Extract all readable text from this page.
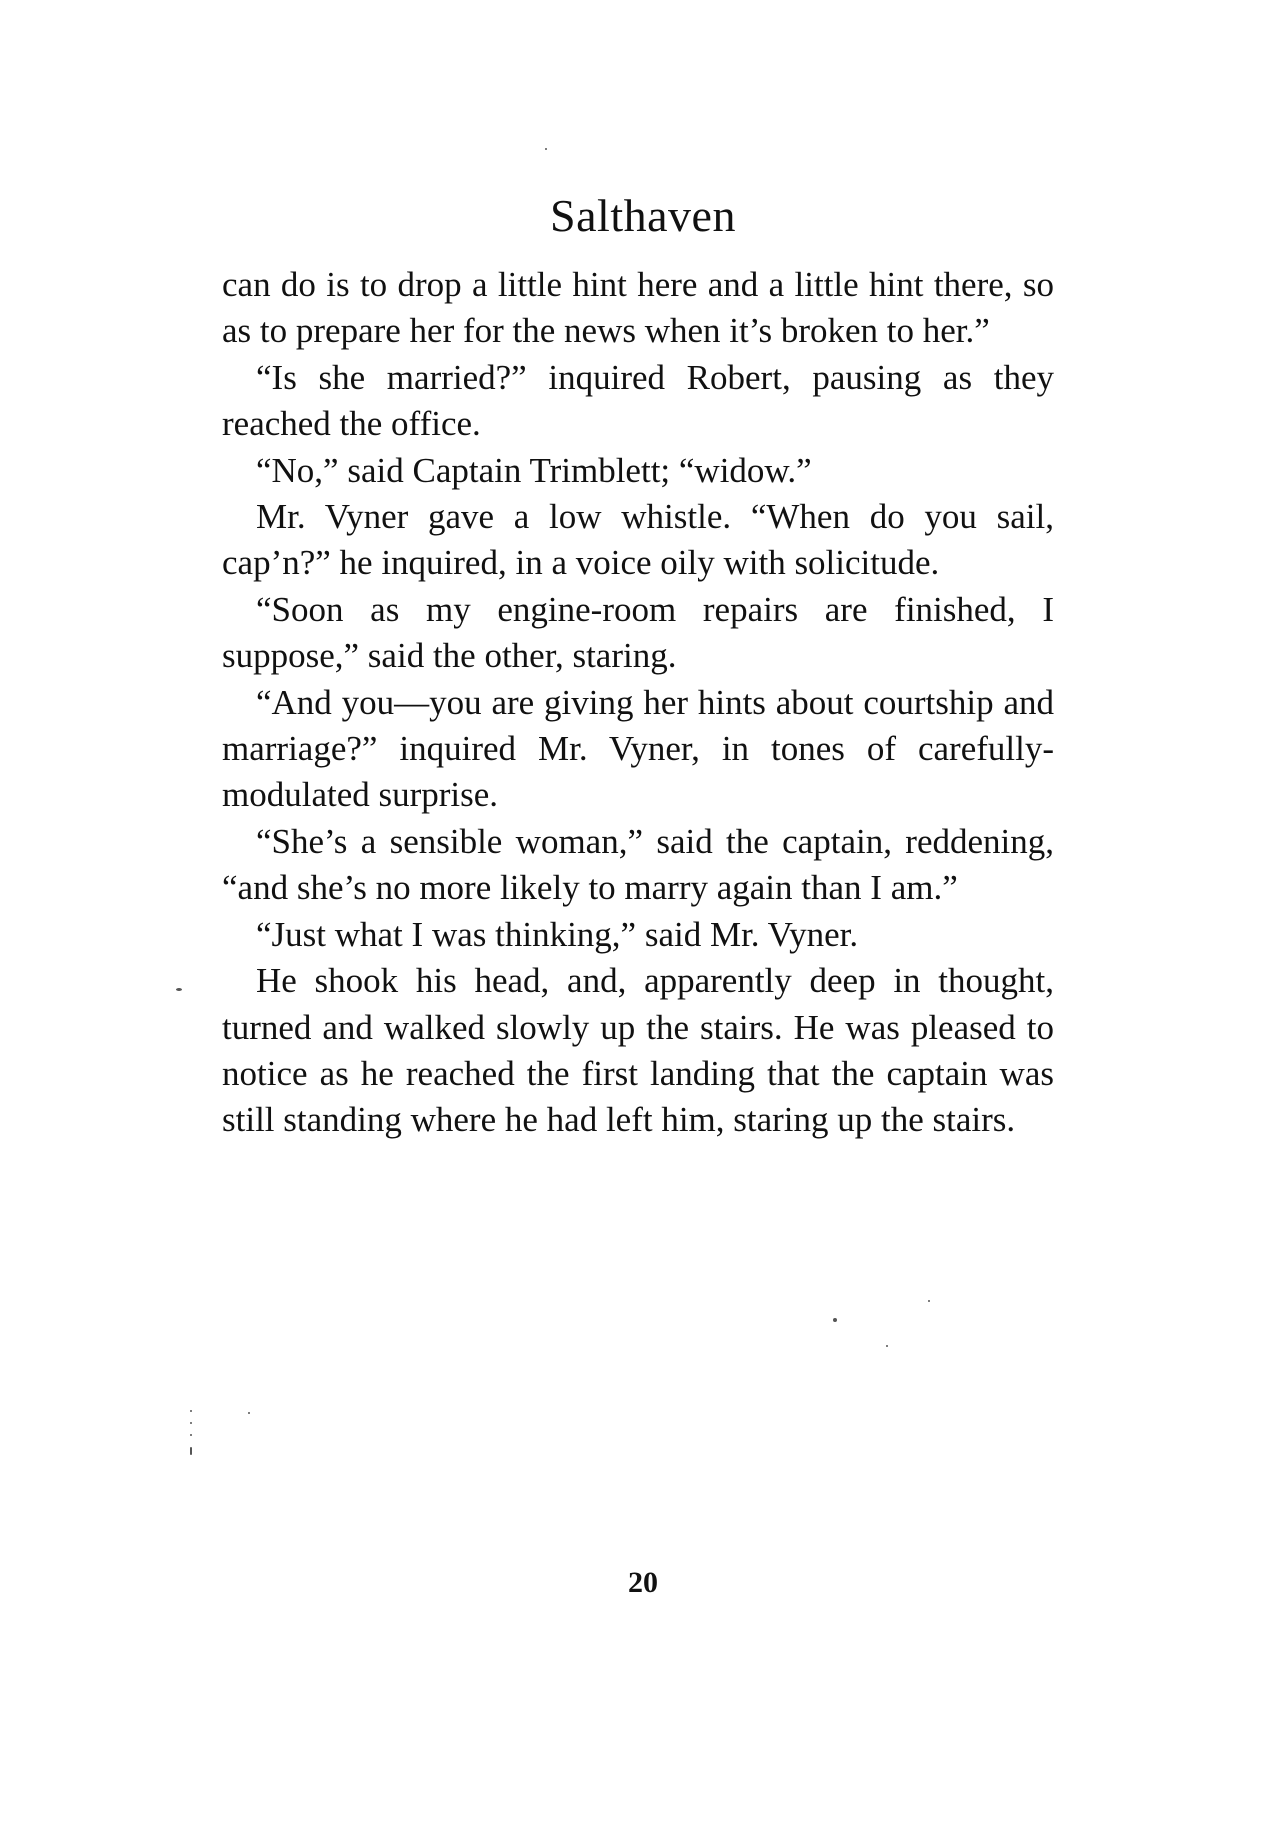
Salthaven

can do is to drop a little hint here and a little hint there, so as to prepare her for the news when it’s broken to her.”

“Is she married?” inquired Robert, pausing as they reached the office.

“No,” said Captain Trimblett; “widow.”

Mr. Vyner gave a low whistle. “When do you sail, cap’n?” he inquired, in a voice oily with solicitude.

“Soon as my engine-room repairs are finished, I suppose,” said the other, staring.

“And you—you are giving her hints about courtship and marriage?” inquired Mr. Vyner, in tones of carefully-modulated surprise.

“She’s a sensible woman,” said the captain, reddening, “and she’s no more likely to marry again than I am.”

“Just what I was thinking,” said Mr. Vyner.

He shook his head, and, apparently deep in thought, turned and walked slowly up the stairs. He was pleased to notice as he reached the first landing that the captain was still standing where he had left him, staring up the stairs.

20
